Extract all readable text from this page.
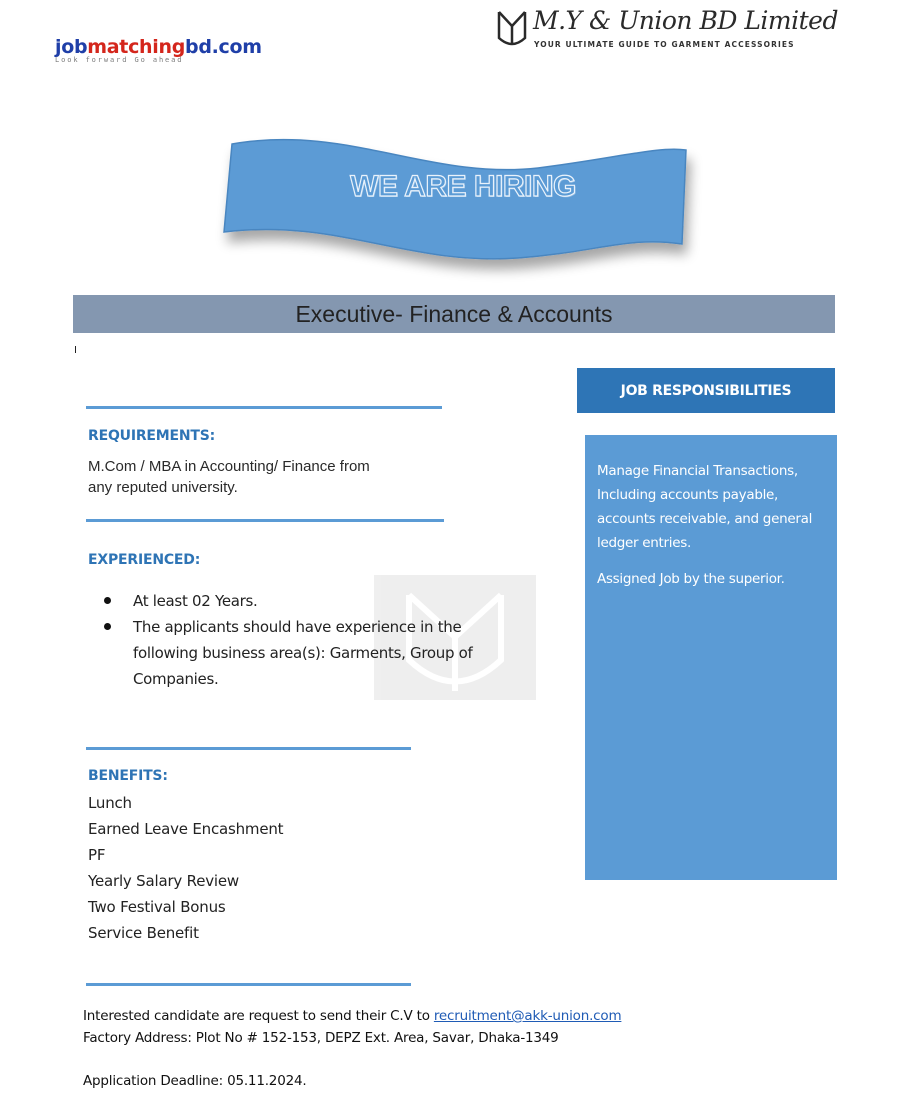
jobmatchingbd.com
Look forward Go ahead
M.Y & Union BD Limited
YOUR ULTIMATE GUIDE TO GARMENT ACCESSORIES
WE ARE HIRING
Executive- Finance & Accounts
REQUIREMENTS:
M.Com / MBA in Accounting/ Finance from
any reputed university.
EXPERIENCED:
At least 02 Years.
The applicants should have experience in the following business area(s): Garments, Group of Companies.
BENEFITS:
Lunch
Earned Leave Encashment
PF
Yearly Salary Review
Two Festival Bonus
Service Benefit
JOB RESPONSIBILITIES

Manage Financial Transactions, Including accounts payable, accounts receivable, and general ledger entries.

Assigned Job by the superior.

Interested candidate are request to send their C.V to recruitment@akk-union.com
Factory Address: Plot No # 152-153, DEPZ Ext. Area, Savar, Dhaka-1349
Application Deadline: 05.11.2024.
